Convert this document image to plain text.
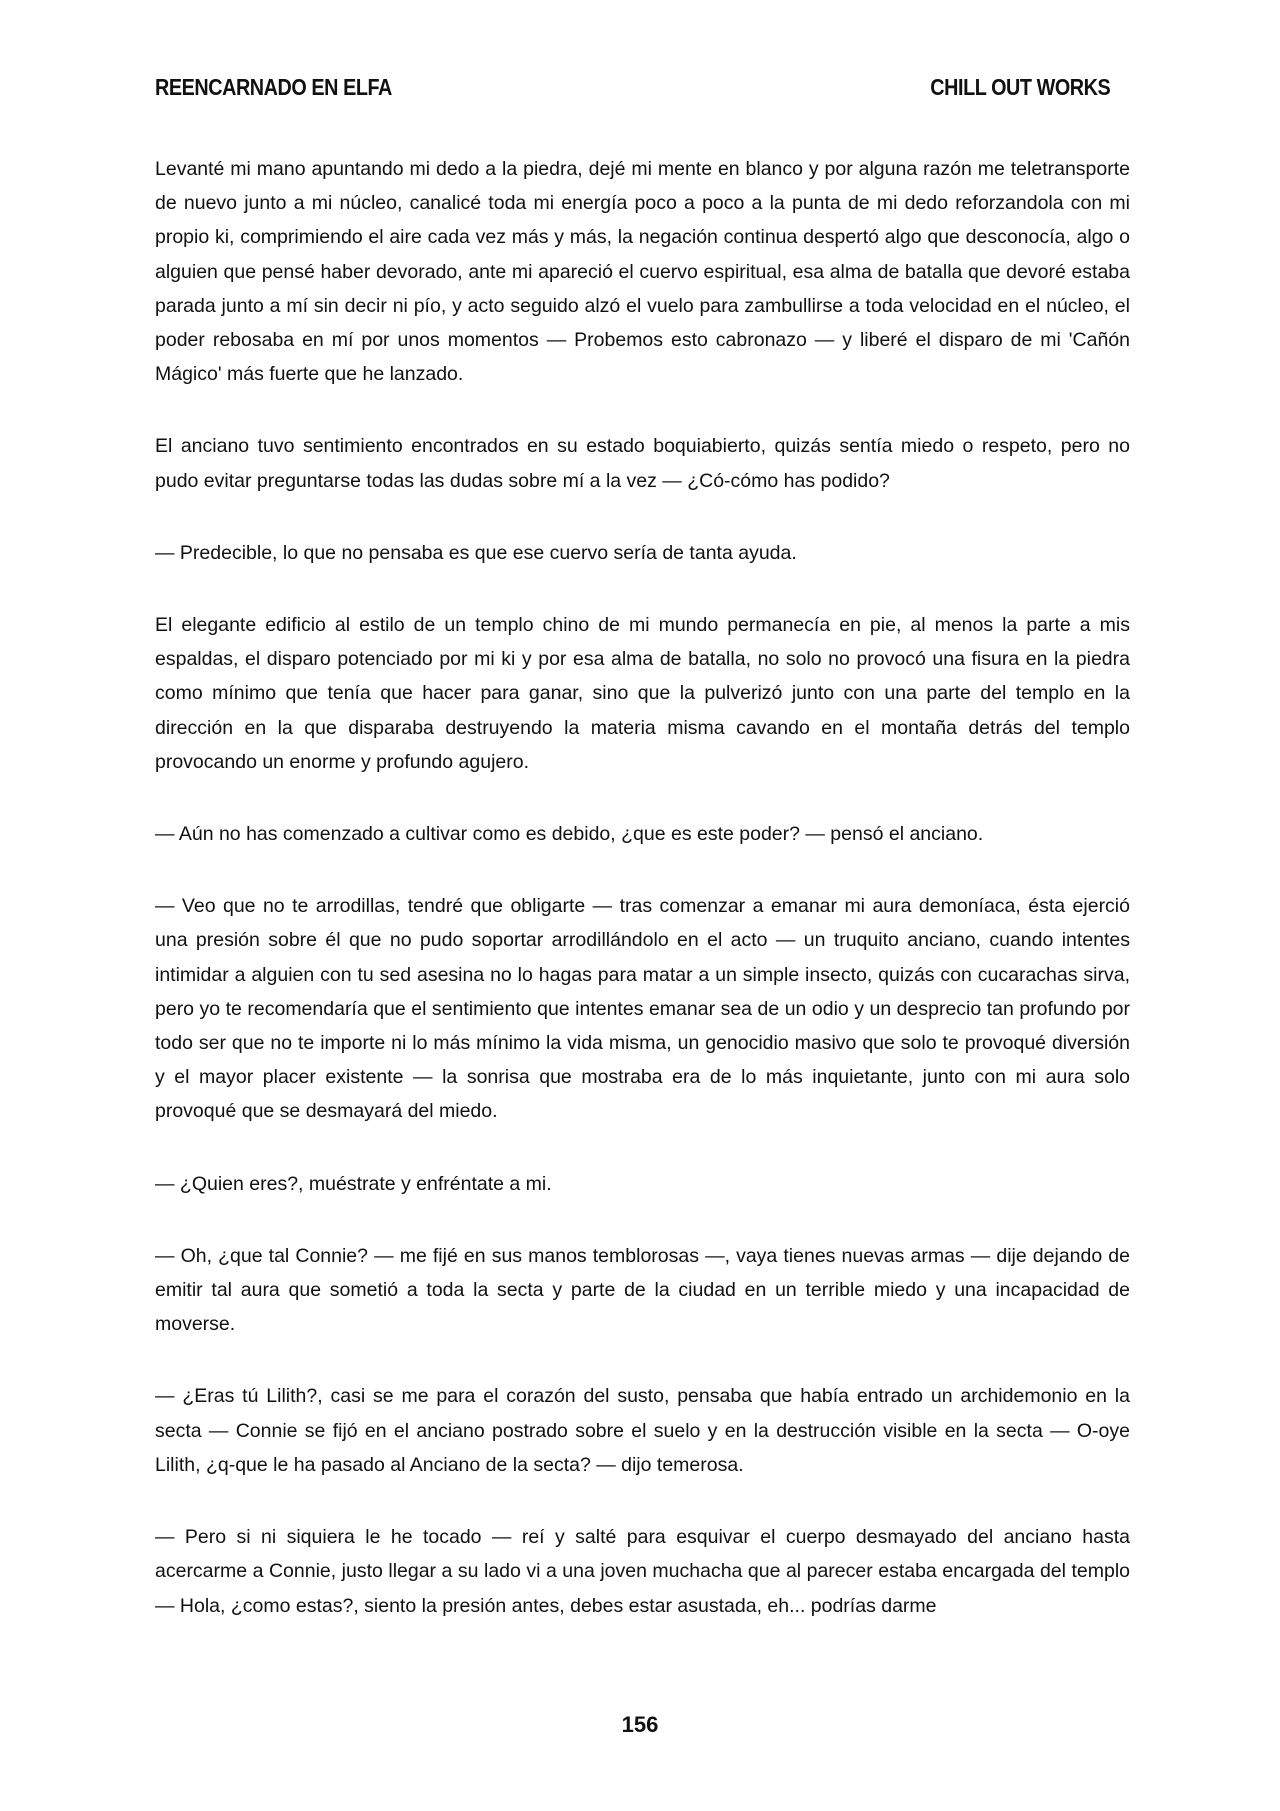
REENCARNADO EN ELFA	CHILL OUT WORKS

Levanté mi mano apuntando mi dedo a la piedra, dejé mi mente en blanco y por alguna razón me teletransporte de nuevo junto a mi núcleo, canalicé toda mi energía poco a poco a la punta de mi dedo reforzandola con mi propio ki, comprimiendo el aire cada vez más y más, la negación continua despertó algo que desconocía, algo o alguien que pensé haber devorado, ante mi apareció el cuervo espiritual, esa alma de batalla que devoré estaba parada junto a mí sin decir ni pío, y acto seguido alzó el vuelo para zambullirse a toda velocidad en el núcleo, el poder rebosaba en mí por unos momentos — Probemos esto cabronazo — y liberé el disparo de mi 'Cañón Mágico' más fuerte que he lanzado.

El anciano tuvo sentimiento encontrados en su estado boquiabierto, quizás sentía miedo o respeto, pero no pudo evitar preguntarse todas las dudas sobre mí a la vez — ¿Có-cómo has podido?

— Predecible, lo que no pensaba es que ese cuervo sería de tanta ayuda.

El elegante edificio al estilo de un templo chino de mi mundo permanecía en pie, al menos la parte a mis espaldas, el disparo potenciado por mi ki y por esa alma de batalla, no solo no provocó una fisura en la piedra como mínimo que tenía que hacer para ganar, sino que la pulverizó junto con una parte del templo en la dirección en la que disparaba destruyendo la materia misma cavando en el montaña detrás del templo provocando un enorme y profundo agujero.

— Aún no has comenzado a cultivar como es debido, ¿que es este poder? — pensó el anciano.

— Veo que no te arrodillas, tendré que obligarte — tras comenzar a emanar mi aura demoníaca, ésta ejerció una presión sobre él que no pudo soportar arrodillándolo en el acto — un truquito anciano, cuando intentes intimidar a alguien con tu sed asesina no lo hagas para matar a un simple insecto, quizás con cucarachas sirva, pero yo te recomendaría que el sentimiento que intentes emanar sea de un odio y un desprecio tan profundo por todo ser que no te importe ni lo más mínimo la vida misma, un genocidio masivo que solo te provoqué diversión y el mayor placer existente — la sonrisa que mostraba era de lo más inquietante, junto con mi aura solo provoqué que se desmayará del miedo.

— ¿Quien eres?, muéstrate y enfréntate a mi.

— Oh, ¿que tal Connie? — me fijé en sus manos temblorosas —, vaya tienes nuevas armas — dije dejando de emitir tal aura que sometió a toda la secta y parte de la ciudad en un terrible miedo y una incapacidad de moverse.

— ¿Eras tú Lilith?, casi se me para el corazón del susto, pensaba que había entrado un archidemonio en la secta — Connie se fijó en el anciano postrado sobre el suelo y en la destrucción visible en la secta — O-oye Lilith, ¿q-que le ha pasado al Anciano de la secta? — dijo temerosa.

— Pero si ni siquiera le he tocado — reí y salté para esquivar el cuerpo desmayado del anciano hasta acercarme a Connie, justo llegar a su lado vi a una joven muchacha que al parecer estaba encargada del templo — Hola, ¿como estas?, siento la presión antes, debes estar asustada, eh... podrías darme

156
